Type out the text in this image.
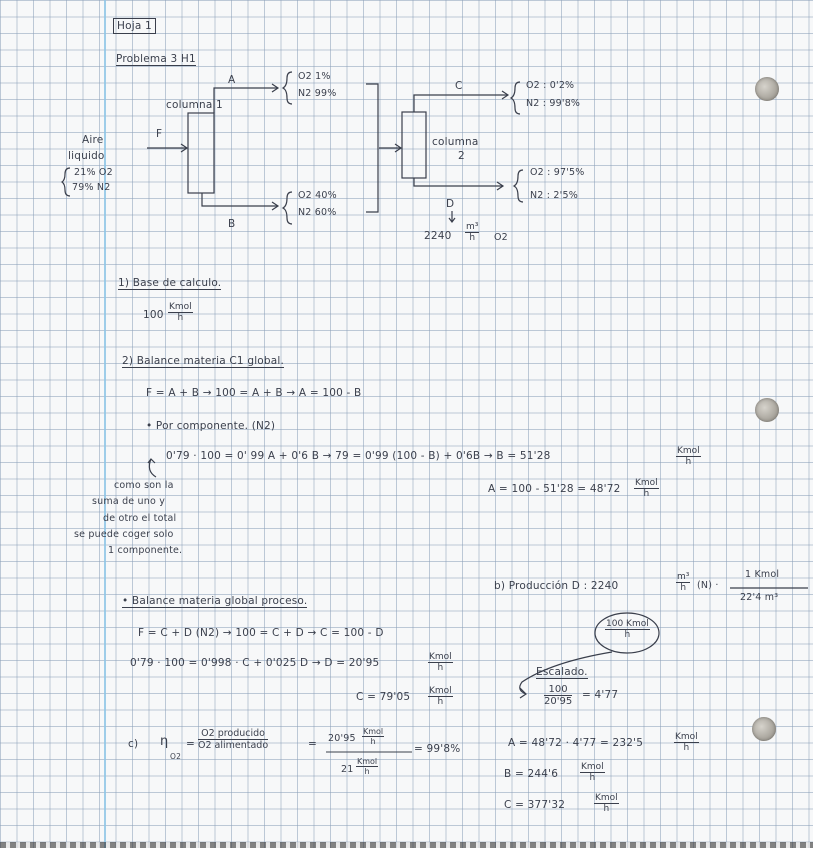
Hoja 1
Problema 3 H1
A	O2 1%
N2 99%
columna 1
Aire
liquido
F
21% O2
79% N2
B
O2 40%
N2 60%
C	O2 : 0'2%
N2 : 99'8%
columna
2
O2 : 97'5%
N2 : 2'5%
D
$2240 \frac{\text{m³}}{h} O2$
1) Base de calculo.
100
Kmol
h
2) Balance materia C1 global.
F = A + B → 100 = A + B → A = 100 - B
• Por componente. (N2)
0'79 · 100 = 0' 99 A + 0'6 B → 79 = 0'99 (100 - B) + 0'6B → B = 51'28	Kmol
h
A = 100 - 51'28 = 48'72 Kmol
h
como son la
suma de uno y
de otro el total
se puede coger solo
1 componente.
• Balance materia global proceso.
F = C + D (N2) → 100 = C + D → C = 100 - D
0'79 · 100 = 0'998 · C + 0'025 D → D = 20'95	Kmol
h
C = 79'05 Kmol
h
b) Producción D : 2240	$\frac{\text{m³}}{h} (N)$ ·
1 Kmol
22'4 m³
100 Kmol
h
Escalado.
$\frac{100}{20'95} = 4'77$
c) η
O2
=
O2 producido
O2 alimentado	= 20'95
Kmol
h
21
Kmol
h
= 99'8%	A = 48'72 · 4'77 = 232'5	Kmol
h
B = 244'6
Kmol
h
C = 377'32
Kmol
h
